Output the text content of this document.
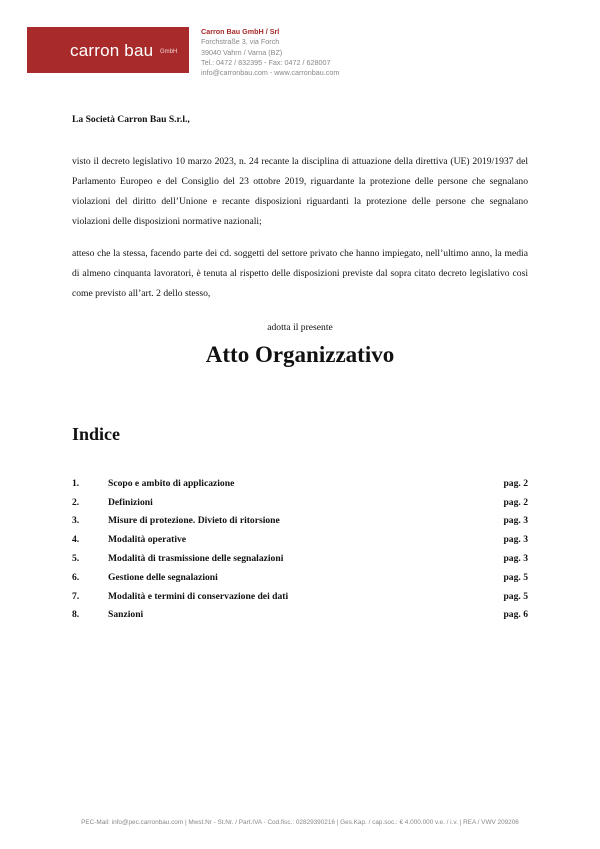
carron bau GmbH
Carron Bau GmbH / Srl
Forchstraße 3, via Forch
39040 Vahrn / Varna (BZ)
Tel.: 0472 / 832395 - Fax: 0472 / 628007
info@carronbau.com - www.carronbau.com
La Società Carron Bau S.r.l.,
visto il decreto legislativo 10 marzo 2023, n. 24 recante la disciplina di attuazione della direttiva (UE) 2019/1937 del Parlamento Europeo e del Consiglio del 23 ottobre 2019, riguardante la protezione delle persone che segnalano violazioni del diritto dell’Unione e recante disposizioni riguardanti la protezione delle persone che segnalano violazioni delle disposizioni normative nazionali;
atteso che la stessa, facendo parte dei cd. soggetti del settore privato che hanno impiegato, nell’ultimo anno, la media di almeno cinquanta lavoratori, è tenuta al rispetto delle disposizioni previste dal sopra citato decreto legislativo così come previsto all’art. 2 dello stesso,
adotta il presente
Atto Organizzativo
Indice
1.	Scopo e ambito di applicazione	pag. 2
2.	Definizioni	pag. 2
3.	Misure di protezione. Divieto di ritorsione	pag. 3
4.	Modalità operative	pag. 3
5.	Modalità di trasmissione delle segnalazioni	pag. 3
6.	Gestione delle segnalazioni	pag. 5
7.	Modalità e termini di conservazione dei dati	pag. 5
8.	Sanzioni	pag. 6
PEC-Mail: info@pec.carronbau.com | Mwst.Nr - St.Nr. / Part.IVA - Cod.fisc.: 02829390216 | Ges.Kap. / cap.soc.: € 4.000.000 v.e. / i.v. | REA / VWV 209206
